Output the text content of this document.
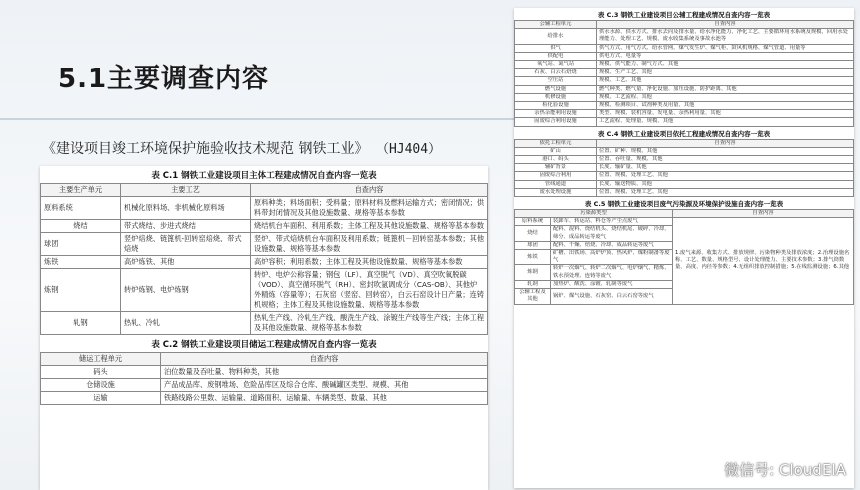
5.1主要调查内容
《建设项目竣工环境保护施验收技术规范 钢铁工业》 （HJ404）
表 C.1 钢铁工业建设项目主体工程建成情况自查内容一览表
主要生产单元	主要工艺	自查内容
原料系统	机械化原料场、非机械化原料场	原料种类；料场面积；受料量；原料材料及燃料运输方式；密闭情况；供料带封闭情况及其他设施数量、规格等基本参数
烧结	带式烧结、步进式烧结	烧结机台车面积、利用系数；主体工程及其他设施数量、规格等基本参数
球团	竖炉焙烧、链篦机-回转窑焙烧、带式焙烧	竖炉、带式焙烧机台车面积及利用系数；链篦机－回转窑基本参数；其他设施数量、规格等基本参数
炼铁	高炉炼铁、其他	高炉容积；利用系数；主体工程及其他设施数量、规格等基本参数
炼钢	转炉炼钢、电炉炼钢	转炉、电炉公称容量；钢包（LF）、真空脱气（VD）、真空吹氧脱碳（VOD）、真空循环脱气（RH）、密封吹氩调成分（CAS-OB）、其他炉外精炼（容量等）；石灰窑（竖窑、回转窑），白云石窑设计日产量；连铸机规格；主体工程及其他设施数量、规格等基本参数
轧钢	热轧、冷轧	热轧生产线、冷轧生产线、酸洗生产线、涂镀生产线等生产线；主体工程及其他设施数量、规格等基本参数
表 C.2 钢铁工业建设项目储运工程建成情况自查内容一览表
储运工程单元	自查内容
码头	泊位数量及吞吐量、物料种类，其他
仓储设施	产品成品库、废钢堆场、危险品库区及综合仓库、酸碱罐区类型、规模、其他
运输	铁路线路公里数、运输量、道路面积、运输量、车辆类型、数量、其他
表 C.3 钢铁工业建设项目公辅工程建成情况自查内容一览表
公辅工程单元	自查内容
给排水	供水水源、供水方式、排水去向及排水量、给水净化能力、净化工艺、主要循环用水系统及规模、回用水处理能力、处理工艺、规模、废水收集系统及事故水池等
供气	供气方式、用气方式、给水管网、煤气发生炉、煤气柜、鼓风机规格、煤气管道、用量等
供配电	供电方式、电量等
氧气站、氮气站	规模、供气能力、制气方式、其他
石灰、白云石焙烧	规模、生产工艺、其他
空压站	规模、工艺、其他
燃气设施	燃气种类、燃气量、净化设施、加压设施、防护距离、其他
机修设施	规模、工艺流程、其他
检化验设施	规模、检测项目、试剂种类及用量、其他
余热余能利用设施	类型、规模、装机容量、发电量、余热利用量、其他
固废综合利用设施	工艺流程、处理量、规模、其他
表 C.4 钢铁工业建设项目依托工程建成情况自查内容一览表
依托工程单元	自查内容
矿山	位置、矿种、规模、其他
港口、码头	位置、吞吐量、规模、其他
辅矿背景	长度、输矿量、其他
固废综合利用	位置、规模、处理工艺、其他
管线通道	长度、输送物质、其他
废水处理设施	位置、规模、处理工艺、其他
表 C.5 钢铁工业建设项目废气污染源及环境保护设施自查内容一览表
污染源类型		自查内容
原料系统	装卸车、转运站、料仓等产尘点废气	1.废气来源、收集方式、排放规律、污染物种类及排放浓度；2.治理设施名称、工艺、数量、规格型号、设计处理能力、主要技术参数；3.排气筒数量、高度、内径等参数；4.无组织排放控制措施；5.在线监测设施；6.其他
烧结	配料、混料、烧结机头、烧结机尾、破碎、冷却、筛分、成品转运等废气	
球团	配料、干燥、焙烧、冷却、成品转运等废气	
炼铁	矿槽、出铁场、高炉炉顶、热风炉、煤粉制备等废气	
炼钢	转炉一次烟气、转炉二次烟气、电炉烟气、精炼、铁水预处理、连铸等废气	
轧钢	加热炉、酸洗、涂镀、轧制等废气	
公辅工程及其他	锅炉、煤气设施、石灰窑、白云石窑等废气	
微信号: CloudEIA
